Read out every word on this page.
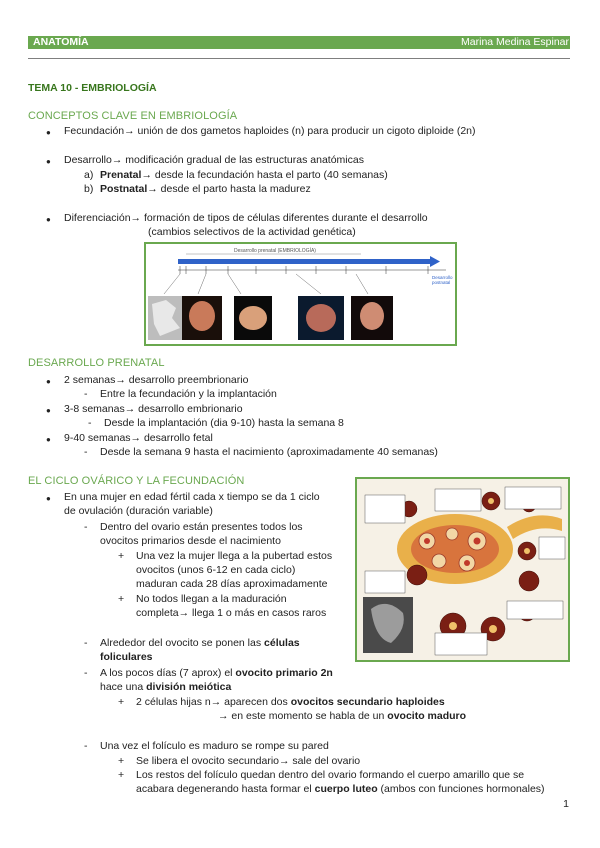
ANATOMÍA	Marina Medina Espinar
TEMA 10 - EMBRIOLOGÍA
CONCEPTOS CLAVE EN EMBRIOLOGÍA
● Fecundación→ unión de dos gametos haploides (n) para producir un cigoto diploide (2n)
● Desarrollo→ modificación gradual de las estructuras anatómicas
a) Prenatal→ desde la fecundación hasta el parto (40 semanas)
b) Postnatal→ desde el parto hasta la madurez
● Diferenciación→ formación de tipos de células diferentes durante el desarrollo
(cambios selectivos de la actividad genética)
Desarrollo prenatal (EMBRIOLOGÍA)
Desarrollo
postnatal
DESARROLLO PRENATAL
● 2 semanas→ desarrollo preembrionario
- Entre la fecundación y la implantación
● 3-8 semanas→ desarrollo embrionario
- Desde la implantación (dia 9-10) hasta la semana 8
● 9-40 semanas→ desarrollo fetal
- Desde la semana 9 hasta el nacimiento (aproximadamente 40 semanas)
EL CICLO OVÁRICO Y LA FECUNDACIÓN
● En una mujer en edad fértil cada x tiempo se da 1 ciclo
de ovulación (duración variable)
- Dentro del ovario están presentes todos los
ovocitos primarios desde el nacimiento
+ Una vez la mujer llega a la pubertad estos
ovocitos (unos 6-12 en cada ciclo)
maduran cada 28 días aproximadamente
+ No todos llegan a la maduración
completa→ llega 1 o más en casos raros
- Alrededor del ovocito se ponen las células
foliculares
- A los pocos días (7 aprox) el ovocito primario 2n
hace una división meiótica
+ 2 células hijas n→ aparecen dos ovocitos secundario haploides
→ en este momento se habla de un ovocito maduro
- Una vez el folículo es maduro se rompe su pared
+ Se libera el ovocito secundario→ sale del ovario
+ Los restos del folículo quedan dentro del ovario formando el cuerpo amarillo que se
acabara degenerando hasta formar el cuerpo luteo (ambos con funciones hormonales)
1
